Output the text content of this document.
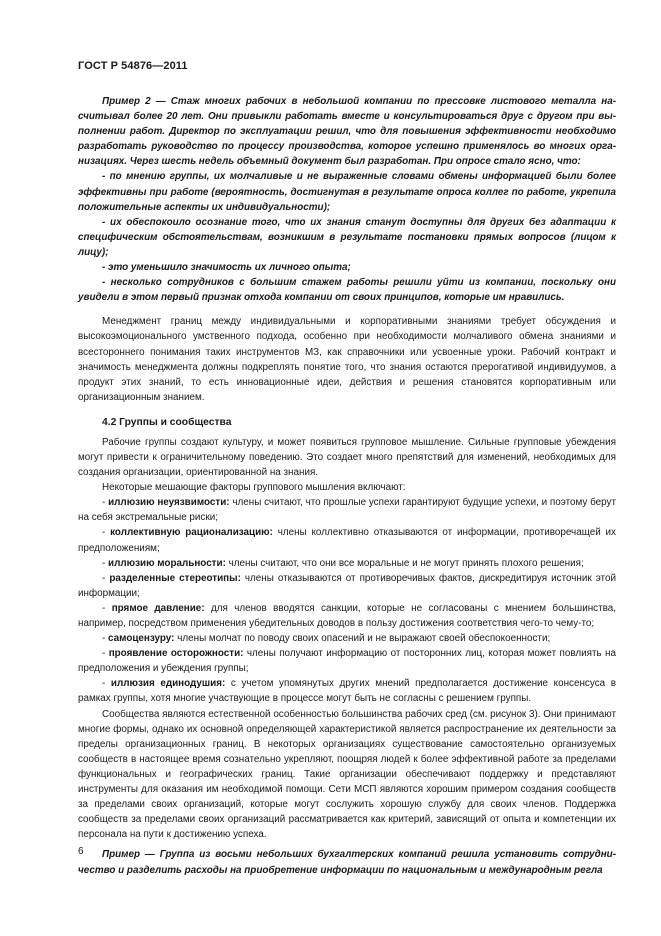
ГОСТ Р 54876—2011

Пример 2 — Стаж многих рабочих в небольшой компании по прессовке листового металла насчитывал более 20 лет. Они привыкли работать вместе и консультироваться друг с другом при выполнении работ. Директор по эксплуатации решил, что для повышения эффективности необходимо разработать руководство по процессу производства, которое успешно применялось во многих организациях. Через шесть недель объемный документ был разработан. При опросе стало ясно, что:

- по мнению группы, их молчаливые и не выраженные словами обмены информацией были более эффективны при работе (вероятность, достигнутая в результате опроса коллег по работе, укрепила положительные аспекты их индивидуальности);

- их обеспокоило осознание того, что их знания станут доступны для других без адаптации к специфическим обстоятельствам, возникшим в результате постановки прямых вопросов (лицом к лицу);

- это уменьшило значимость их личного опыта;

- несколько сотрудников с большим стажем работы решили уйти из компании, поскольку они увидели в этом первый признак отхода компании от своих принципов, которые им нравились.

Менеджмент границ между индивидуальными и корпоративными знаниями требует обсуждения и высокоэмоционального умственного подхода, особенно при необходимости молчаливого обмена знаниями и всестороннего понимания таких инструментов МЗ, как справочники или усвоенные уроки. Рабочий контракт и значимость менеджмента должны подкреплять понятие того, что знания остаются прерогативой индивидуумов, а продукт этих знаний, то есть инновационные идеи, действия и решения становятся корпоративным или организационным знанием.

4.2 Группы и сообщества

Рабочие группы создают культуру, и может появиться групповое мышление. Сильные групповые убеждения могут привести к ограничительному поведению. Это создает много препятствий для изменений, необходимых для создания организации, ориентированной на знания.

Некоторые мешающие факторы группового мышления включают:

- иллюзию неуязвимости: члены считают, что прошлые успехи гарантируют будущие успехи, и поэтому берут на себя экстремальные риски;

- коллективную рационализацию: члены коллективно отказываются от информации, противоречащей их предположениям;

- иллюзию моральности: члены считают, что они все моральные и не могут принять плохого решения;

- разделенные стереотипы: члены отказываются от противоречивых фактов, дискредитируя источник этой информации;

- прямое давление: для членов вводятся санкции, которые не согласованы с мнением большинства, например, посредством применения убедительных доводов в пользу достижения соответствия чего-то чему-то;

- самоцензуру: члены молчат по поводу своих опасений и не выражают своей обеспокоенности;

- проявление осторожности: члены получают информацию от посторонних лиц, которая может повлиять на предположения и убеждения группы;

- иллюзия единодушия: с учетом упомянутых других мнений предполагается достижение консенсуса в рамках группы, хотя многие участвующие в процессе могут быть не согласны с решением группы.

Сообщества являются естественной особенностью большинства рабочих сред (см. рисунок 3). Они принимают многие формы, однако их основной определяющей характеристикой является распространение их деятельности за пределы организационных границ. В некоторых организациях существование самостоятельно организуемых сообществ в настоящее время сознательно укрепляют, поощряя людей к более эффективной работе за пределами функциональных и географических границ. Такие организации обеспечивают поддержку и представляют инструменты для оказания им необходимой помощи. Сети МСП являются хорошим примером создания сообществ за пределами своих организаций, которые могут сослужить хорошую службу для своих членов. Поддержка сообществ за пределами своих организаций рассматривается как критерий, зависящий от опыта и компетенции их персонала на пути к достижению успеха.

Пример — Группа из восьми небольших бухгалтерских компаний решила установить сотрудничество и разделить расходы на приобретение информации по национальным и международным регла

6
